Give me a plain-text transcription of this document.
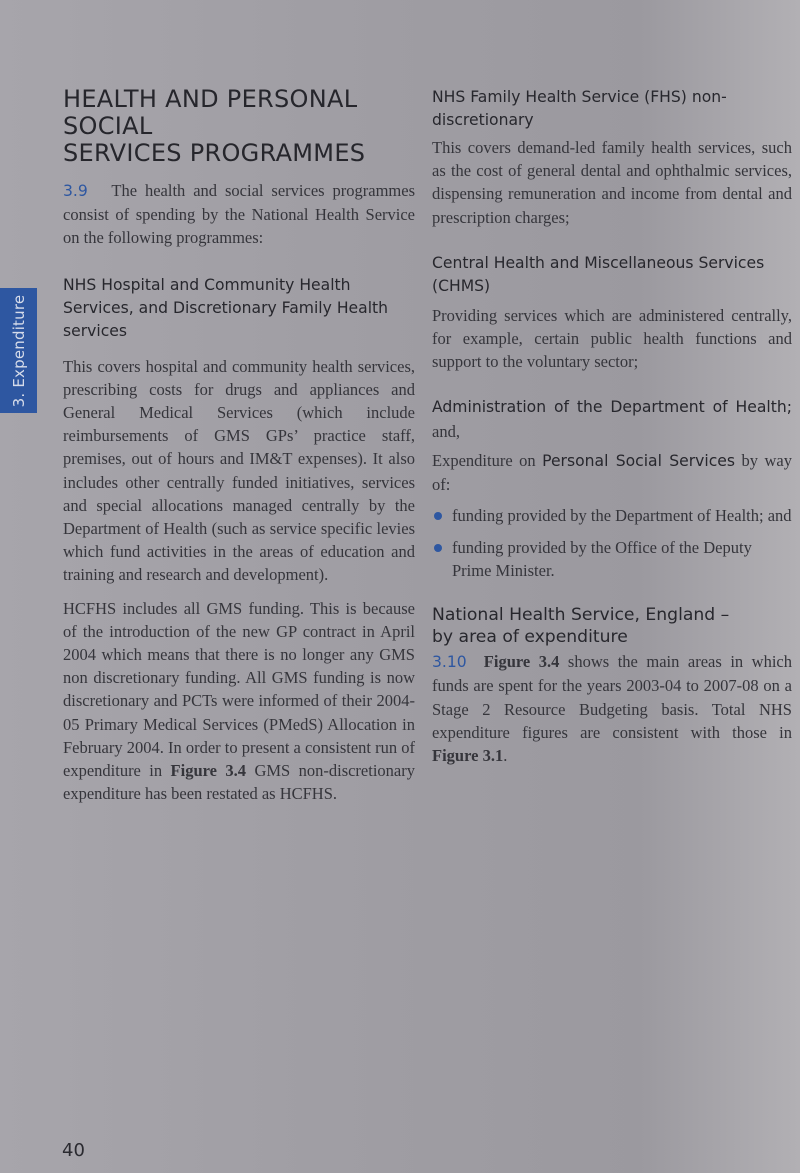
3. Expenditure
HEALTH AND PERSONAL SOCIAL
SERVICES PROGRAMMES

3.9 The health and social services programmes consist of spending by the National Health Service on the following programmes:

NHS Hospital and Community Health Services, and Discretionary Family Health services

This covers hospital and community health services, prescribing costs for drugs and appliances and General Medical Services (which include reimbursements of GMS GPs’ practice staff, premises, out of hours and IM&T expenses). It also includes other centrally funded initiatives, services and special allocations managed centrally by the Department of Health (such as service specific levies which fund activities in the areas of education and training and research and development).

HCFHS includes all GMS funding. This is because of the introduction of the new GP contract in April 2004 which means that there is no longer any GMS non discretionary funding. All GMS funding is now discretionary and PCTs were informed of their 2004-05 Primary Medical Services (PMedS) Allocation in February 2004. In order to present a consistent run of expenditure in Figure 3.4 GMS non-discretionary expenditure has been restated as HCFHS.

NHS Family Health Service (FHS) non-discretionary

This covers demand-led family health services, such as the cost of general dental and ophthalmic services, dispensing remuneration and income from dental and prescription charges;

Central Health and Miscellaneous Services (CHMS)

Providing services which are administered centrally, for example, certain public health functions and support to the voluntary sector;

Administration of the Department of Health; and,

Expenditure on Personal Social Services by way of:

funding provided by the Department of Health; and
funding provided by the Office of the Deputy Prime Minister.
National Health Service, England –
by area of expenditure

3.10 Figure 3.4 shows the main areas in which funds are spent for the years 2003-04 to 2007-08 on a Stage 2 Resource Budgeting basis. Total NHS expenditure figures are consistent with those in Figure 3.1.

40
